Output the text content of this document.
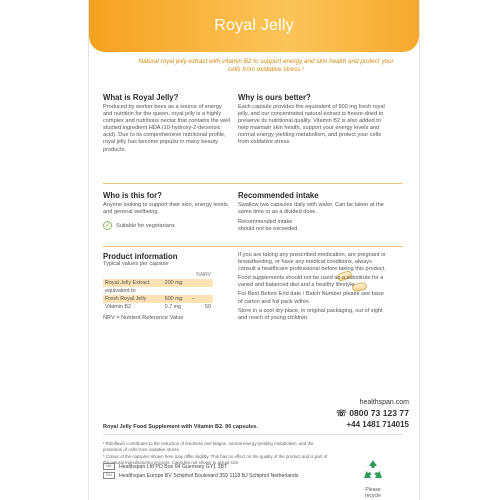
Royal Jelly
Natural royal jelly extract with vitamin B2 to support energy and skin health and protect your cells from oxidative stress.¹
What is Royal Jelly?
Produced by worker bees as a source of energy and nutrition for the queen, royal jelly is a highly complex and nutritious nectar that contains the well studied ingredient HDA (10-hydroxy-2-decenoic acid). Due to its comprehensive nutritional profile, royal jelly has become popular in many beauty products.
Why is ours better?
Each capsule provides the equivalent of 600 mg fresh royal jelly, and our concentrated natural extract is freeze-dried to preserve its nutritional quality. Vitamin B2 is also added to help maintain skin health, support your energy levels and normal energy-yielding metabolism, and protect your cells from oxidative stress.
Who is this for?
Anyone looking to support their skin, energy levels, and general wellbeing.
✓	Suitable for vegetarians
Recommended intake
Swallow two capsules daily with water. Can be taken at the same time or as a divided dose.
Recommended intake should not be exceeded.
Product information
Typical values per capsule
		%NRV
Royal Jelly Extract	200 mg	
equivalent to		
Fresh Royal Jelly	600 mg	–
Vitamin B2	0.7 mg	50
NRV = Nutrient Reference Value
If you are taking any prescribed medication, are pregnant or breastfeeding, or have any medical conditions, always consult a healthcare professional before taking this product.
Food supplements should not be used as a substitute for a varied and balanced diet and a healthy lifestyle.
For Best Before End date / Batch Number please see base of carton and foil pack within.
Store in a cool dry place, in original packaging, out of sight and reach of young children.
healthspan.com
☏ 0800 73 123 77
+44 1481 714015
Royal Jelly Food Supplement with Vitamin B2. 90 capsules.
¹ Riboflavin contributes to the reduction of tiredness and fatigue, normal energy-yielding metabolism, and the protection of cells from oxidative stress.
* Colour of the capsules shown here may differ slightly. This has no effect on the quality of the product and is part of the natural manufacturing process. Capsules not shown to actual size.
UK	Healthspan Ltd PO Box 64 Guernsey GY1 3BT
EU	Healthspan Europe BV Schiphol Boulevard 359 1118 BJ Schiphol Netherlands
Please
recycle
